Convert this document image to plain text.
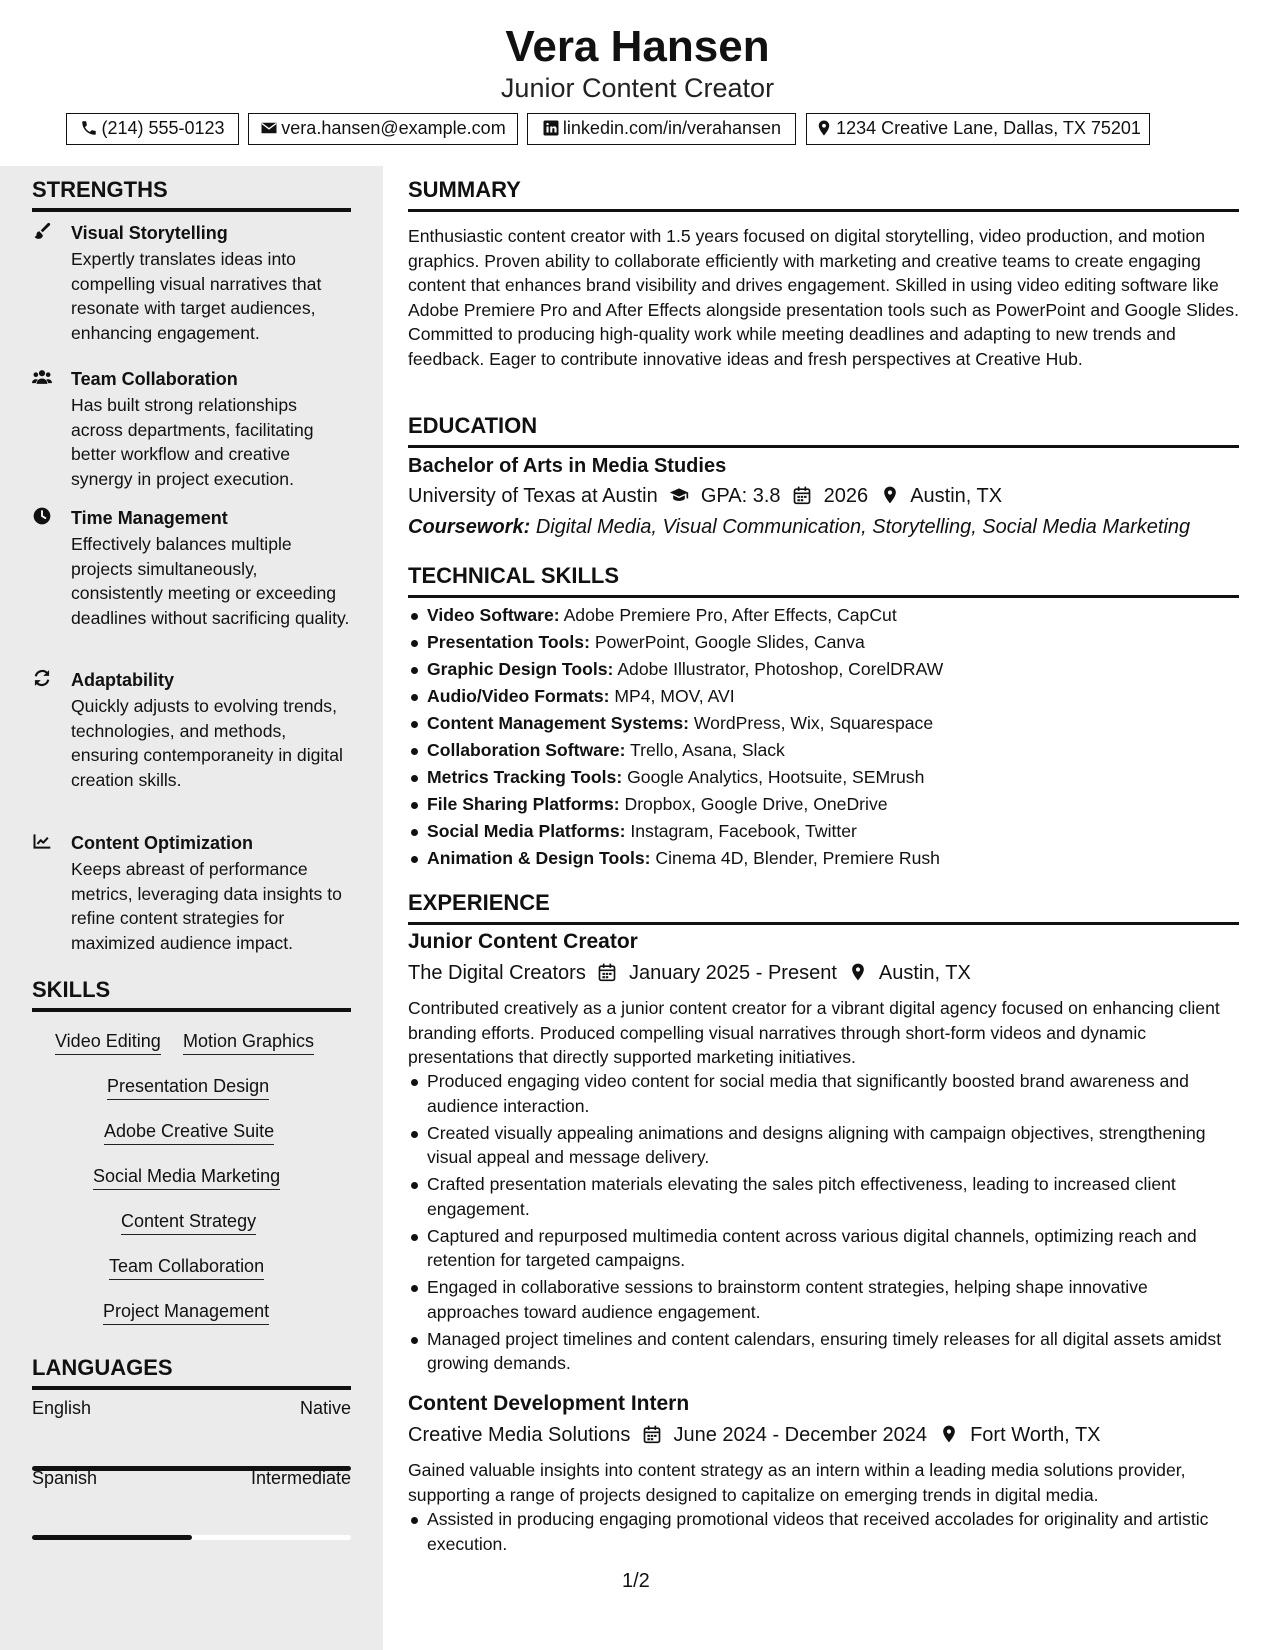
Vera Hansen
Junior Content Creator
(214) 555-0123	vera.hansen@example.com	linkedin.com/in/verahansen	1234 Creative Lane, Dallas, TX 75201
STRENGTHS
Visual Storytelling
Expertly translates ideas into compelling visual narratives that resonate with target audiences, enhancing engagement.
Team Collaboration
Has built strong relationships across departments, facilitating better workflow and creative synergy in project execution.
Time Management
Effectively balances multiple projects simultaneously, consistently meeting or exceeding deadlines without sacrificing quality.
Adaptability
Quickly adjusts to evolving trends, technologies, and methods, ensuring contemporaneity in digital creation skills.
Content Optimization
Keeps abreast of performance metrics, leveraging data insights to refine content strategies for maximized audience impact.
SKILLS
Video Editing Motion Graphics
Presentation Design
Adobe Creative Suite
Social Media Marketing
Content Strategy
Team Collaboration
Project Management
LANGUAGES
English	Native
Spanish	Intermediate
SUMMARY
Enthusiastic content creator with 1.5 years focused on digital storytelling, video production, and motion graphics. Proven ability to collaborate efficiently with marketing and creative teams to create engaging content that enhances brand visibility and drives engagement. Skilled in using video editing software like Adobe Premiere Pro and After Effects alongside presentation tools such as PowerPoint and Google Slides. Committed to producing high-quality work while meeting deadlines and adapting to new trends and feedback. Eager to contribute innovative ideas and fresh perspectives at Creative Hub.
EDUCATION
Bachelor of Arts in Media Studies
University of Texas at Austin GPA: 3.8 2026 Austin, TX
Coursework: Digital Media, Visual Communication, Storytelling, Social Media Marketing
TECHNICAL SKILLS
Video Software: Adobe Premiere Pro, After Effects, CapCut
Presentation Tools: PowerPoint, Google Slides, Canva
Graphic Design Tools: Adobe Illustrator, Photoshop, CorelDRAW
Audio/Video Formats: MP4, MOV, AVI
Content Management Systems: WordPress, Wix, Squarespace
Collaboration Software: Trello, Asana, Slack
Metrics Tracking Tools: Google Analytics, Hootsuite, SEMrush
File Sharing Platforms: Dropbox, Google Drive, OneDrive
Social Media Platforms: Instagram, Facebook, Twitter
Animation & Design Tools: Cinema 4D, Blender, Premiere Rush
EXPERIENCE
Junior Content Creator
The Digital Creators January 2025 - Present Austin, TX
Contributed creatively as a junior content creator for a vibrant digital agency focused on enhancing client branding efforts. Produced compelling visual narratives through short-form videos and dynamic presentations that directly supported marketing initiatives.
Produced engaging video content for social media that significantly boosted brand awareness and audience interaction.
Created visually appealing animations and designs aligning with campaign objectives, strengthening visual appeal and message delivery.
Crafted presentation materials elevating the sales pitch effectiveness, leading to increased client engagement.
Captured and repurposed multimedia content across various digital channels, optimizing reach and retention for targeted campaigns.
Engaged in collaborative sessions to brainstorm content strategies, helping shape innovative approaches toward audience engagement.
Managed project timelines and content calendars, ensuring timely releases for all digital assets amidst growing demands.
Content Development Intern
Creative Media Solutions June 2024 - December 2024 Fort Worth, TX
Gained valuable insights into content strategy as an intern within a leading media solutions provider, supporting a range of projects designed to capitalize on emerging trends in digital media.
Assisted in producing engaging promotional videos that received accolades for originality and artistic execution.
1/2
